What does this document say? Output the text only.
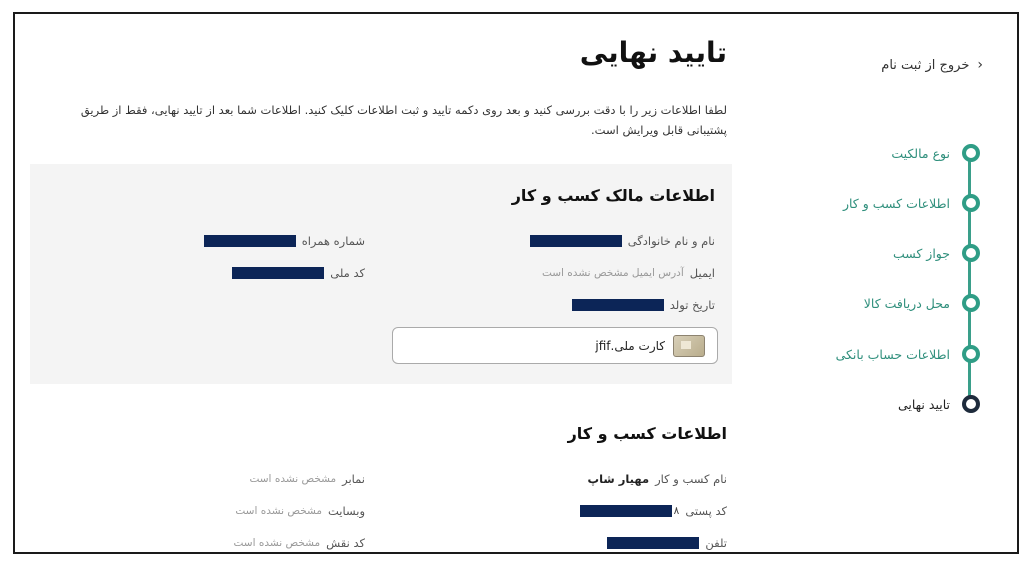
‹
خروج از ثبت نام
نوع مالکیت
اطلاعات کسب و کار
جواز کسب
محل دریافت کالا
اطلاعات حساب بانکی
تایید نهایی
تایید نهایی
لطفا اطلاعات زیر را با دقت بررسی کنید و بعد روی دکمه تایید و ثبت اطلاعات کلیک کنید. اطلاعات شما بعد از تایید نهایی، فقط از طریق پشتیبانی قابل ویرایش است.
اطلاعات مالک کسب و کار
نام و نام خانوادگی
شماره همراه
ایمیل
آدرس ایمیل مشخص نشده است
کد ملی
تاریخ تولد
کارت ملی.jfif
اطلاعات کسب و کار
نام کسب و کار
مهیار شاپ
نمابر
مشخص نشده است
کد پستی
۸
وبسایت
مشخص نشده است
تلفن
کد نقش
مشخص نشده است
